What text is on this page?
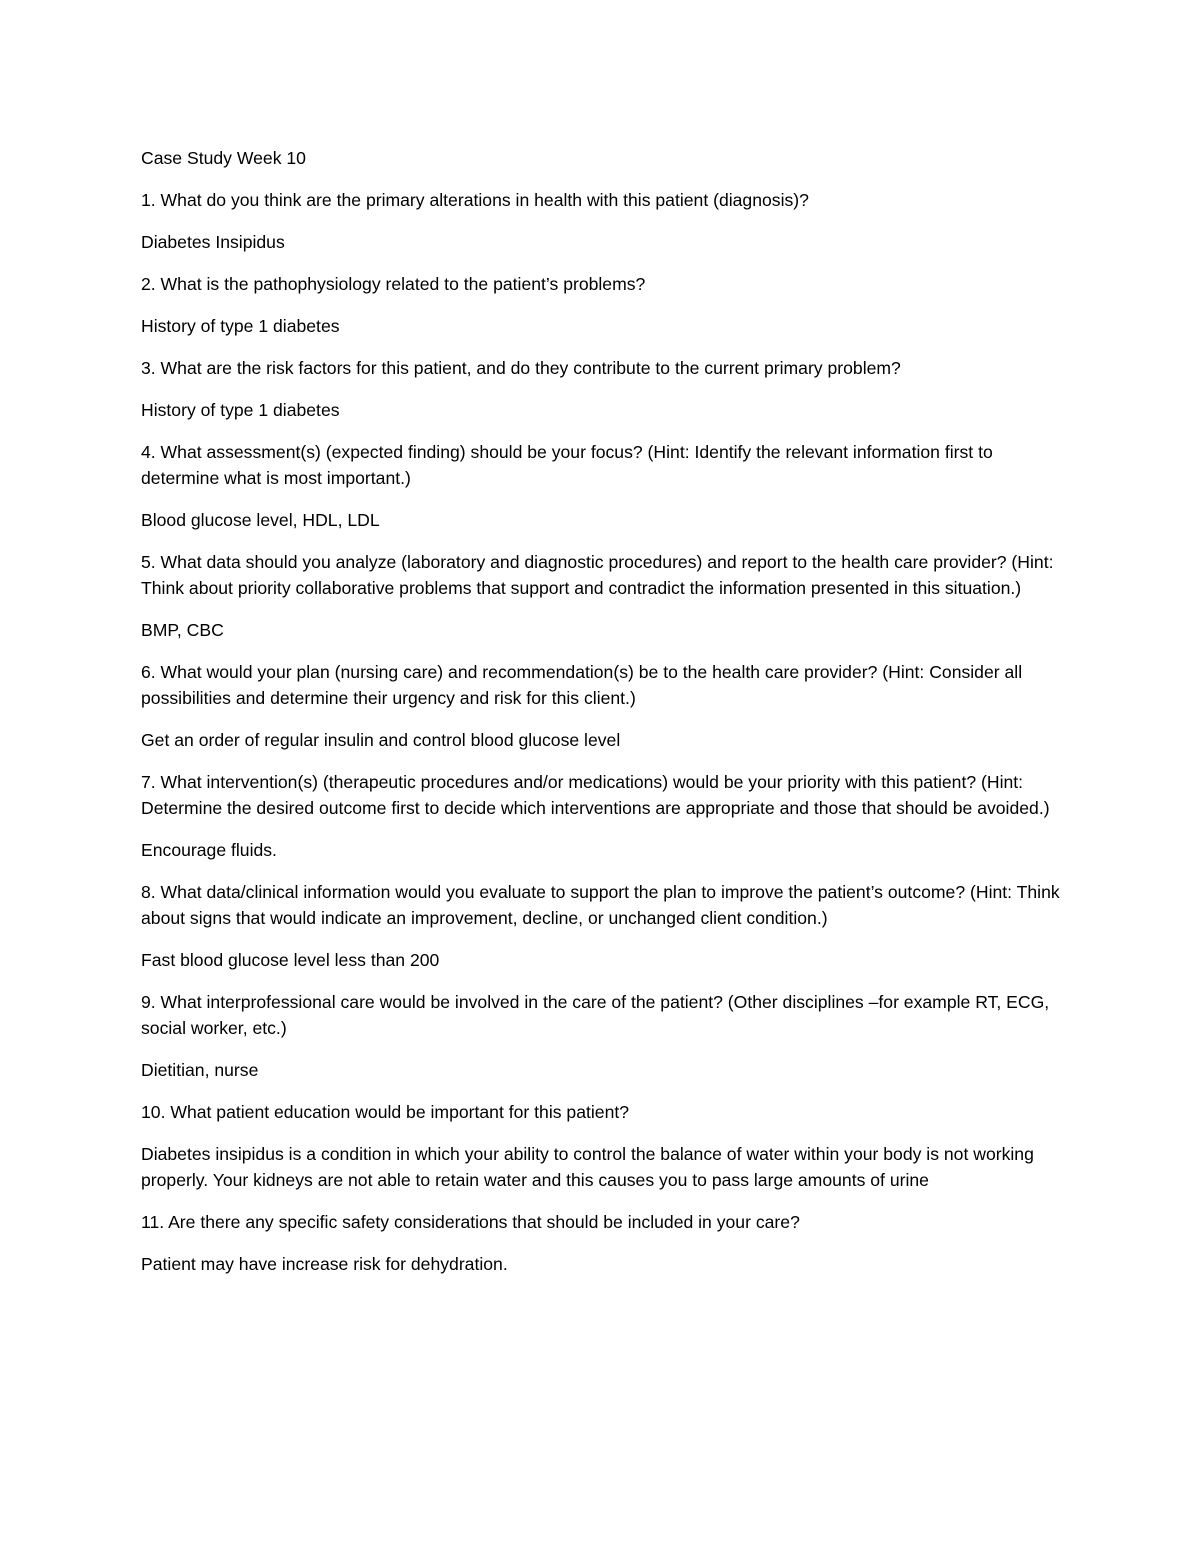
Case Study Week 10
1. What do you think are the primary alterations in health with this patient (diagnosis)?
Diabetes Insipidus
2. What is the pathophysiology related to the patient’s problems?
History of type 1 diabetes
3. What are the risk factors for this patient, and do they contribute to the current primary problem?
History of type 1 diabetes
4. What assessment(s) (expected finding) should be your focus? (Hint: Identify the relevant information first to determine what is most important.)
Blood glucose level, HDL, LDL
5. What data should you analyze (laboratory and diagnostic procedures) and report to the health care provider? (Hint: Think about priority collaborative problems that support and contradict the information presented in this situation.)
BMP, CBC
6. What would your plan (nursing care) and recommendation(s) be to the health care provider? (Hint: Consider all possibilities and determine their urgency and risk for this client.)
Get an order of regular insulin and control blood glucose level
7. What intervention(s) (therapeutic procedures and/or medications) would be your priority with this patient? (Hint: Determine the desired outcome first to decide which interventions are appropriate and those that should be avoided.)
Encourage fluids.
8. What data/clinical information would you evaluate to support the plan to improve the patient’s outcome? (Hint: Think about signs that would indicate an improvement, decline, or unchanged client condition.)
Fast blood glucose level less than 200
9. What interprofessional care would be involved in the care of the patient? (Other disciplines –for example RT, ECG, social worker, etc.)
Dietitian, nurse
10. What patient education would be important for this patient?
Diabetes insipidus is a condition in which your ability to control the balance of water within your body is not working properly. Your kidneys are not able to retain water and this causes you to pass large amounts of urine
11. Are there any specific safety considerations that should be included in your care?
Patient may have increase risk for dehydration.
